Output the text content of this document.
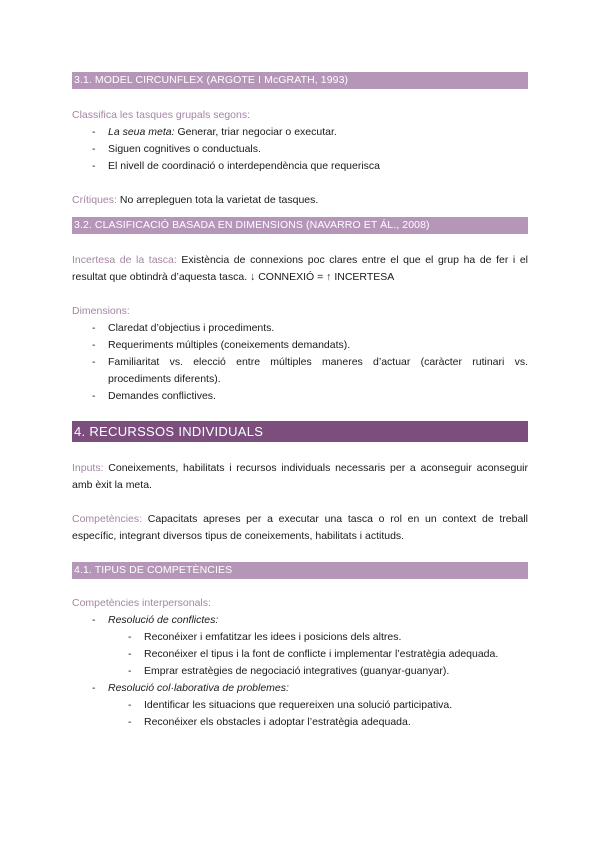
3.1. MODEL CIRCUNFLEX (ARGOTE I McGRATH, 1993)
Classifica les tasques grupals segons:
- La seua meta: Generar, triar negociar o executar.
- Siguen cognitives o conductuals.
- El nivell de coordinació o interdependència que requerisca
Crítiques: No arrepleguen tota la varietat de tasques.
3.2. CLASIFICACIÓ BASADA EN DIMENSIONS (NAVARRO ET ÁL., 2008)
Incertesa de la tasca: Existència de connexions poc clares entre el que el grup ha de fer i el resultat que obtindrà d’aquesta tasca. ↓ CONNEXIÓ = ↑ INCERTESA
Dimensions:
- Claredat d’objectius i procediments.
- Requeriments múltiples (coneixements demandats).
- Familiaritat vs. elecció entre múltiples maneres d’actuar (caràcter rutinari vs. procediments diferents).
- Demandes conflictives.
4. RECURSSOS INDIVIDUALS
Inputs: Coneixements, habilitats i recursos individuals necessaris per a aconseguir aconseguir amb èxit la meta.
Competències: Capacitats apreses per a executar una tasca o rol en un context de treball específic, integrant diversos tipus de coneixements, habilitats i actituds.
4.1. TIPUS DE COMPETÈNCIES
Competències interpersonals:
- Resolució de conflictes:
- Reconéixer i emfatitzar les idees i posicions dels altres.
- Reconéixer el tipus i la font de conflicte i implementar l’estratègia adequada.
- Emprar estratègies de negociació integratives (guanyar-guanyar).
- Resolució col·laborativa de problemes:
- Identificar les situacions que requereixen una solució participativa.
- Reconéixer els obstacles i adoptar l’estratègia adequada.
